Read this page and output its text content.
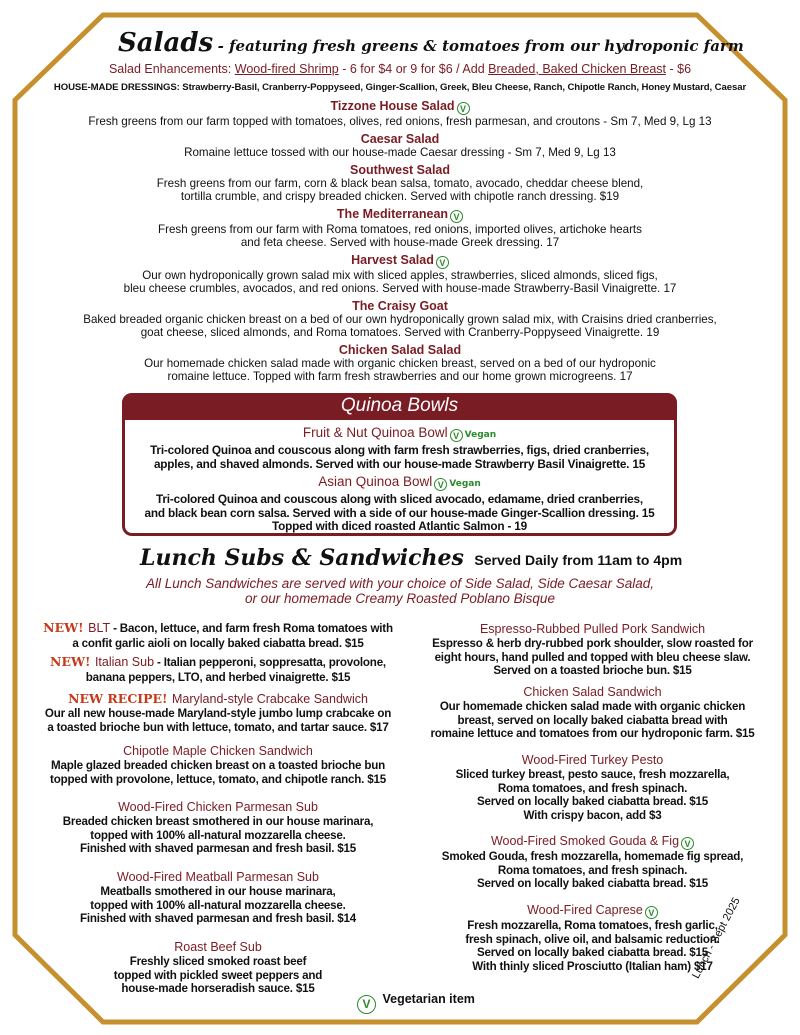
Salads - featuring fresh greens & tomatoes from our hydroponic farm
Salad Enhancements: Wood-fired Shrimp - 6 for $4 or 9 for $6 / Add Breaded, Baked Chicken Breast - $6
HOUSE-MADE DRESSINGS: Strawberry-Basil, Cranberry-Poppyseed, Ginger-Scallion, Greek, Bleu Cheese, Ranch, Chipotle Ranch, Honey Mustard, Caesar
Tizzone House Salad V
Fresh greens from our farm topped with tomatoes, olives, red onions, fresh parmesan, and croutons - Sm 7, Med 9, Lg 13
Caesar Salad
Romaine lettuce tossed with our house-made Caesar dressing - Sm 7, Med 9, Lg 13
Southwest Salad
Fresh greens from our farm, corn & black bean salsa, tomato, avocado, cheddar cheese blend,
tortilla crumble, and crispy breaded chicken. Served with chipotle ranch dressing. $19
The Mediterranean V
Fresh greens from our farm with Roma tomatoes, red onions, imported olives, artichoke hearts
and feta cheese. Served with house-made Greek dressing. 17
Harvest Salad V
Our own hydroponically grown salad mix with sliced apples, strawberries, sliced almonds, sliced figs,
bleu cheese crumbles, avocados, and red onions. Served with house-made Strawberry-Basil Vinaigrette. 17
The Craisy Goat
Baked breaded organic chicken breast on a bed of our own hydroponically grown salad mix, with Craisins dried cranberries,
goat cheese, sliced almonds, and Roma tomatoes. Served with Cranberry-Poppyseed Vinaigrette. 19
Chicken Salad Salad
Our homemade chicken salad made with organic chicken breast, served on a bed of our hydroponic
romaine lettuce. Topped with farm fresh strawberries and our home grown microgreens. 17
Quinoa Bowls
Fruit & Nut Quinoa Bowl V Vegan
Tri-colored Quinoa and couscous along with farm fresh strawberries, figs, dried cranberries,
apples, and shaved almonds. Served with our house-made Strawberry Basil Vinaigrette. 15
Asian Quinoa Bowl V Vegan
Tri-colored Quinoa and couscous along with sliced avocado, edamame, dried cranberries,
and black bean corn salsa. Served with a side of our house-made Ginger-Scallion dressing. 15
Topped with diced roasted Atlantic Salmon - 19
Lunch Subs & Sandwiches Served Daily from 11am to 4pm
All Lunch Sandwiches are served with your choice of Side Salad, Side Caesar Salad,
or our homemade Creamy Roasted Poblano Bisque
NEW! BLT - Bacon, lettuce, and farm fresh Roma tomatoes with
a confit garlic aioli on locally baked ciabatta bread. $15
NEW! Italian Sub - Italian pepperoni, soppresatta, provolone,
banana peppers, LTO, and herbed vinaigrette. $15
NEW RECIPE! Maryland-style Crabcake Sandwich
Our all new house-made Maryland-style jumbo lump crabcake on
a toasted brioche bun with lettuce, tomato, and tartar sauce. $17
Chipotle Maple Chicken Sandwich
Maple glazed breaded chicken breast on a toasted brioche bun
topped with provolone, lettuce, tomato, and chipotle ranch. $15
Wood-Fired Chicken Parmesan Sub
Breaded chicken breast smothered in our house marinara,
topped with 100% all-natural mozzarella cheese.
Finished with shaved parmesan and fresh basil. $15
Wood-Fired Meatball Parmesan Sub
Meatballs smothered in our house marinara,
topped with 100% all-natural mozzarella cheese.
Finished with shaved parmesan and fresh basil. $14
Roast Beef Sub
Freshly sliced smoked roast beef
topped with pickled sweet peppers and
house-made horseradish sauce. $15
Espresso-Rubbed Pulled Pork Sandwich
Espresso & herb dry-rubbed pork shoulder, slow roasted for
eight hours, hand pulled and topped with bleu cheese slaw.
Served on a toasted brioche bun. $15
Chicken Salad Sandwich
Our homemade chicken salad made with organic chicken
breast, served on locally baked ciabatta bread with
romaine lettuce and tomatoes from our hydroponic farm. $15
Wood-Fired Turkey Pesto
Sliced turkey breast, pesto sauce, fresh mozzarella,
Roma tomatoes, and fresh spinach.
Served on locally baked ciabatta bread. $15
With crispy bacon, add $3
Wood-Fired Smoked Gouda & Fig V
Smoked Gouda, fresh mozzarella, homemade fig spread,
Roma tomatoes, and fresh spinach.
Served on locally baked ciabatta bread. $15
Wood-Fired Caprese V
Fresh mozzarella, Roma tomatoes, fresh garlic,
fresh spinach, olive oil, and balsamic reduction.
Served on locally baked ciabatta bread. $15
With thinly sliced Prosciutto (Italian ham) $17
V Vegetarian item
Lunch - Sept 2025
